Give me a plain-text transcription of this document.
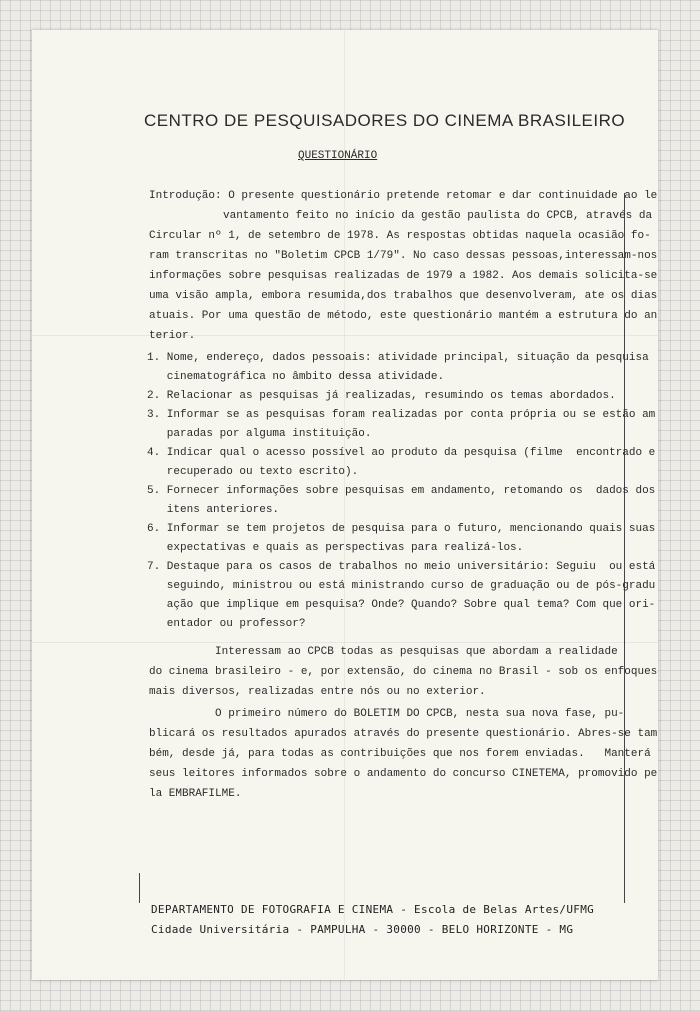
CENTRO DE PESQUISADORES DO CINEMA BRASILEIRO
QUESTIONÁRIO
Introdução: O presente questionário pretende retomar e dar continuidade ao le
vantamento feito no início da gestão paulista do CPCB, através da
Circular nº 1, de setembro de 1978. As respostas obtidas naquela ocasião fo-
ram transcritas no "Boletim CPCB 1/79". No caso dessas pessoas,interessam-nos
informações sobre pesquisas realizadas de 1979 a 1982. Aos demais solicita-se
uma visão ampla, embora resumida,dos trabalhos que desenvolveram, ate os dias
atuais. Por uma questão de método, este questionário mantém a estrutura do an
terior.

1. Nome, endereço, dados pessoais: atividade principal, situação da pesquisa

cinematográfica no âmbito dessa atividade.

2. Relacionar as pesquisas já realizadas, resumindo os temas abordados.

3. Informar se as pesquisas foram realizadas por conta própria ou se estão am

paradas por alguma instituição.

4. Indicar qual o acesso possível ao produto da pesquisa (filme  encontrado e

recuperado ou texto escrito).

5. Fornecer informações sobre pesquisas em andamento, retomando os  dados dos

itens anteriores.

6. Informar se tem projetos de pesquisa para o futuro, mencionando quais suas

expectativas e quais as perspectivas para realizá-los.

7. Destaque para os casos de trabalhos no meio universitário: Seguiu  ou está

seguindo, ministrou ou está ministrando curso de graduação ou de pós-gradu

ação que implique em pesquisa? Onde? Quando? Sobre qual tema? Com que ori-

entador ou professor?

Interessam ao CPCB todas as pesquisas que abordam a realidade

do cinema brasileiro - e, por extensão, do cinema no Brasil - sob os enfoques

mais diversos, realizadas entre nós ou no exterior.

O primeiro número do BOLETIM DO CPCB, nesta sua nova fase, pu-

blicará os resultados apurados através do presente questionário. Abres-se tam

bém, desde já, para todas as contribuições que nos forem enviadas.   Manterá

seus leitores informados sobre o andamento do concurso CINETEMA, promovido pe

la EMBRAFILME.

DEPARTAMENTO DE FOTOGRAFIA E CINEMA - Escola de Belas Artes/UFMG
Cidade Universitária - PAMPULHA - 30000 - BELO HORIZONTE - MG
